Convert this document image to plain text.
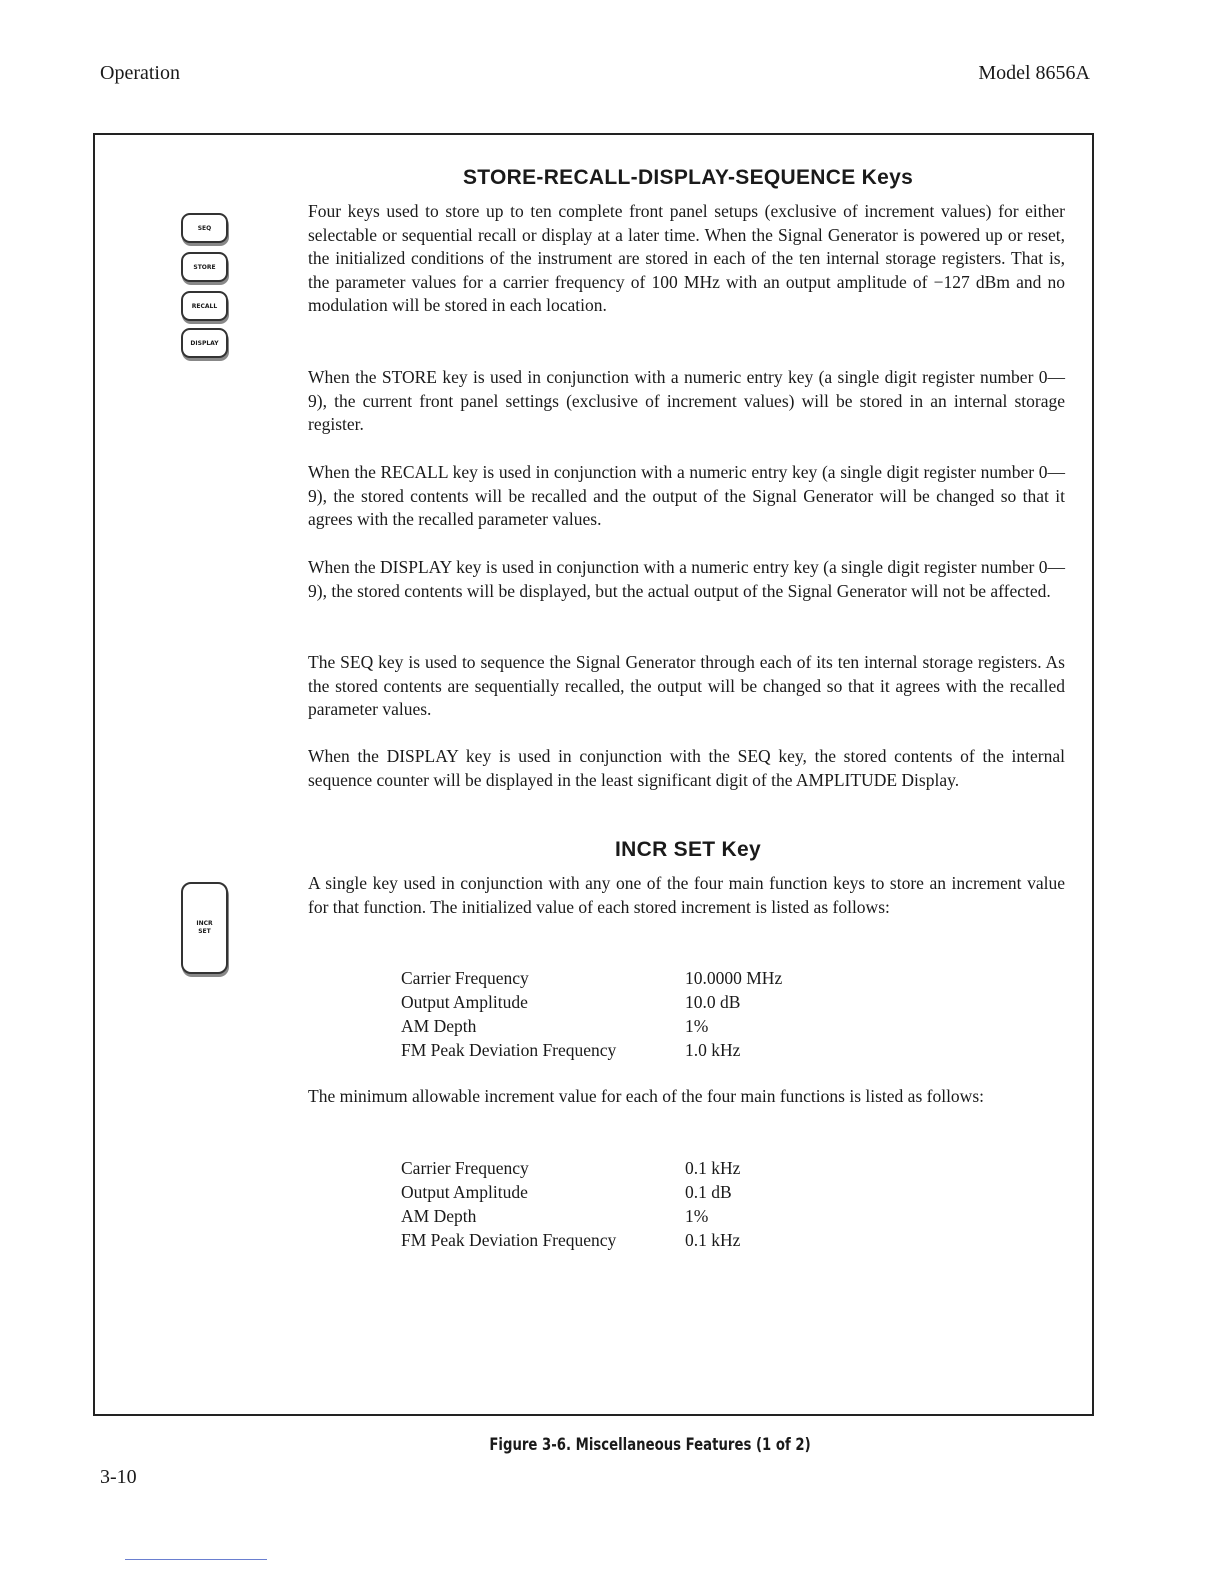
Operation	Model 8656A
SEQ
STORE
RECALL
DISPLAY
STORE-RECALL-DISPLAY-SEQUENCE Keys

Four keys used to store up to ten complete front panel setups (exclusive of increment values) for either selectable or sequential recall or display at a later time. When the Signal Generator is powered up or reset, the initialized conditions of the instrument are stored in each of the ten internal storage registers. That is, the parameter values for a carrier frequency of 100 MHz with an output amplitude of −127 dBm and no modulation will be stored in each location.

When the STORE key is used in conjunction with a numeric entry key (a single digit register number 0—9), the current front panel settings (exclusive of increment values) will be stored in an internal storage register.

When the RECALL key is used in conjunction with a numeric entry key (a single digit register number 0—9), the stored contents will be recalled and the output of the Signal Generator will be changed so that it agrees with the recalled parameter values.

When the DISPLAY key is used in conjunction with a numeric entry key (a single digit register number 0—9), the stored contents will be displayed, but the actual output of the Signal Generator will not be affected.

The SEQ key is used to sequence the Signal Generator through each of its ten internal storage registers. As the stored contents are sequentially recalled, the output will be changed so that it agrees with the recalled parameter values.

When the DISPLAY key is used in conjunction with the SEQ key, the stored contents of the internal sequence counter will be displayed in the least significant digit of the AMPLITUDE Display.

INCR
SET
INCR SET Key

A single key used in conjunction with any one of the four main function keys to store an increment value for that function. The initialized value of each stored increment is listed as follows:

Carrier Frequency	10.0000 MHz
Output Amplitude	10.0 dB
AM Depth	1%
FM Peak Deviation Frequency	1.0 kHz

The minimum allowable increment value for each of the four main functions is listed as follows:

Carrier Frequency	0.1 kHz
Output Amplitude	0.1 dB
AM Depth	1%
FM Peak Deviation Frequency	0.1 kHz
Figure 3-6. Miscellaneous Features (1 of 2)
3-10
